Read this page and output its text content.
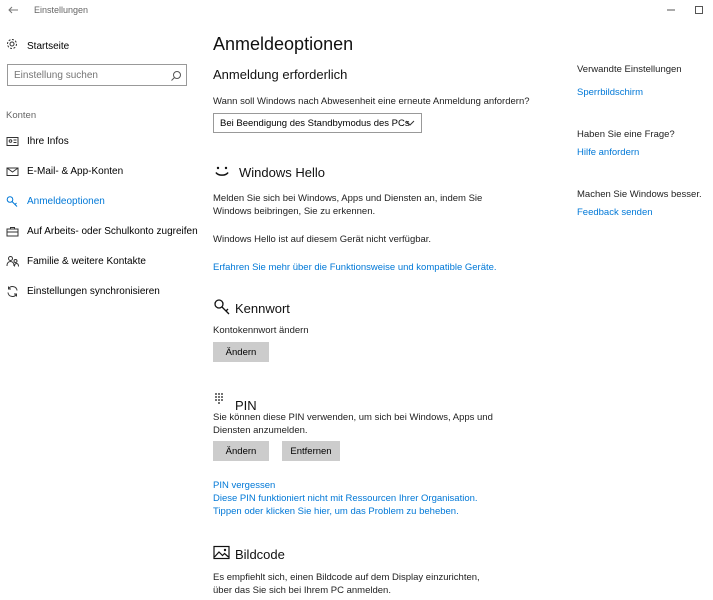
Einstellungen
Startseite
Einstellung suchen
Konten
Ihre Infos
E-Mail- & App-Konten
Anmeldeoptionen
Auf Arbeits- oder Schulkonto zugreifen
Familie & weitere Kontakte
Einstellungen synchronisieren
Anmeldeoptionen
Anmeldung erforderlich
Wann soll Windows nach Abwesenheit eine erneute Anmeldung anfordern?
Bei Beendigung des Standbymodus des PCs
Windows Hello
Melden Sie sich bei Windows, Apps und Diensten an, indem Sie
Windows beibringen, Sie zu erkennen.
Windows Hello ist auf diesem Gerät nicht verfügbar.
Erfahren Sie mehr über die Funktionsweise und kompatible Geräte.
Kennwort
Kontokennwort ändern
Ändern
PIN
Sie können diese PIN verwenden, um sich bei Windows, Apps und
Diensten anzumelden.
Ändern	Entfernen
PIN vergessen
Diese PIN funktioniert nicht mit Ressourcen Ihrer Organisation.
Tippen oder klicken Sie hier, um das Problem zu beheben.
Bildcode
Es empfiehlt sich, einen Bildcode auf dem Display einzurichten,
über das Sie sich bei Ihrem PC anmelden.
Verwandte Einstellungen
Sperrbildschirm
Haben Sie eine Frage?
Hilfe anfordern
Machen Sie Windows besser.
Feedback senden
